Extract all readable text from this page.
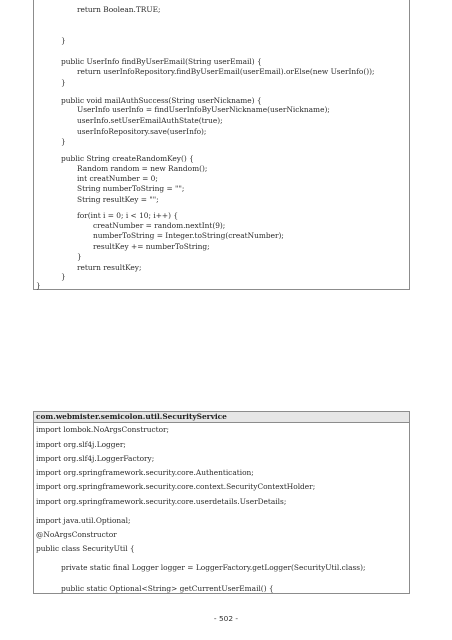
return Boolean.TRUE;
}
public UserInfo findByUserEmail(String userEmail) {
return userInfoRepository.findByUserEmail(userEmail).orElse(new UserInfo());
}
public void mailAuthSuccess(String userNickname) {
UserInfo userInfo = findUserInfoByUserNickname(userNickname);
userInfo.setUserEmailAuthState(true);
userInfoRepository.save(userInfo);
}
public String createRandomKey() {
Random random = new Random();
int creatNumber = 0;
String numberToString = "";
String resultKey = "";
for(int i = 0; i < 10; i++) {
creatNumber = random.nextInt(9);
numberToString = Integer.toString(creatNumber);
resultKey += numberToString;
}
return resultKey;
}
}
com.webmister.semicolon.util.SecurityService
import lombok.NoArgsConstructor;
import org.slf4j.Logger;
import org.slf4j.LoggerFactory;
import org.springframework.security.core.Authentication;
import org.springframework.security.core.context.SecurityContextHolder;
import org.springframework.security.core.userdetails.UserDetails;
import java.util.Optional;
@NoArgsConstructor
public class SecurityUtil {
private static final Logger logger = LoggerFactory.getLogger(SecurityUtil.class);
public static Optional<String> getCurrentUserEmail() {
- 502 -
